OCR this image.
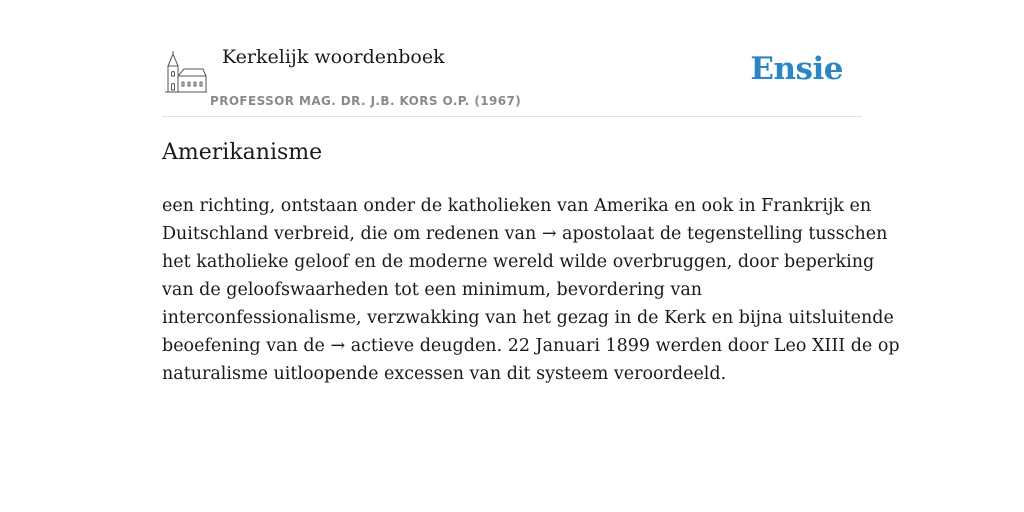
Kerkelijk woordenboek
PROFESSOR MAG. DR. J.B. KORS O.P. (1967)
Ensie
Amerikanisme
een richting, ontstaan onder de katholieken van Amerika en ook in Frankrijk en
Duitschland verbreid, die om redenen van → apostolaat de tegenstelling tusschen
het katholieke geloof en de moderne wereld wilde overbruggen, door beperking
van de geloofswaarheden tot een minimum, bevordering van
interconfessionalisme, verzwakking van het gezag in de Kerk en bijna uitsluitende
beoefening van de → actieve deugden. 22 Januari 1899 werden door Leo XIII de op
naturalisme uitloopende excessen van dit systeem veroordeeld.
